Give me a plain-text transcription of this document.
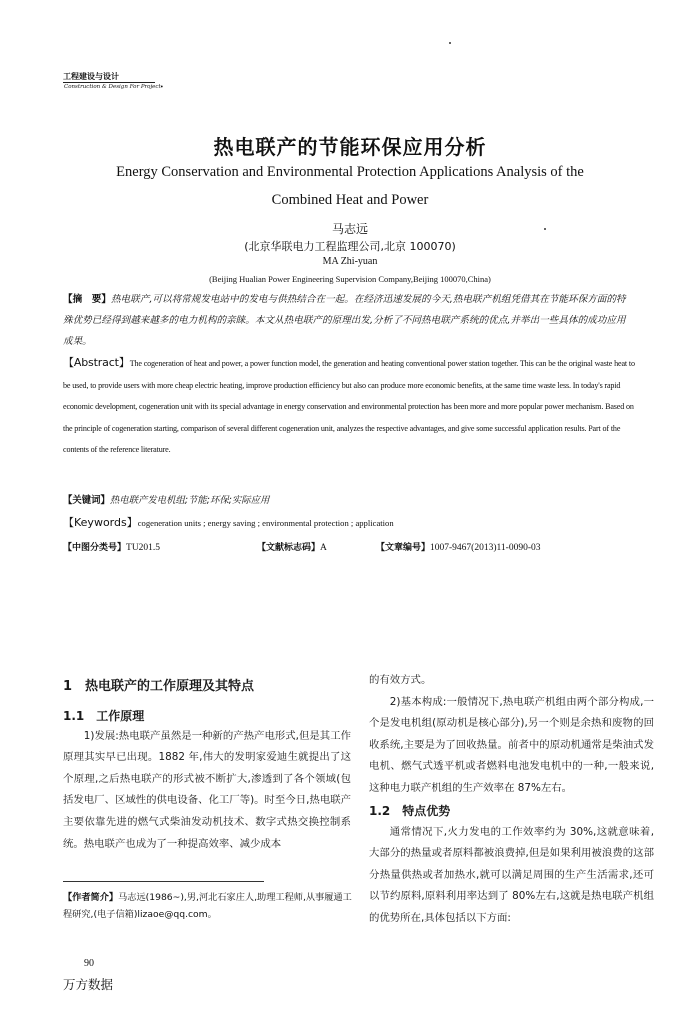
工程建设与设计
Construction & Design For Project •
热电联产的节能环保应用分析
Energy Conservation and Environmental Protection Applications Analysis of the Combined Heat and Power
马志远
(北京华联电力工程监理公司,北京 100070)
MA Zhi-yuan
(Beijing Hualian Power Engineering Supervision Company,Beijing 100070,China)
【摘　要】热电联产,可以将常规发电站中的发电与供热结合在一起。在经济迅速发展的今天,热电联产机组凭借其在节能环保方面的特殊优势已经得到越来越多的电力机构的亲睐。本文从热电联产的原理出发,分析了不同热电联产系统的优点,并举出一些具体的成功应用成果。
【Abstract】The cogeneration of heat and power, a power function model, the generation and heating conventional power station together. This can be the original waste heat to be used, to provide users with more cheap electric heating, improve production efficiency but also can produce more economic benefits, at the same time waste less. In today's rapid economic development, cogeneration unit with its special advantage in energy conservation and environmental protection has been more and more popular power mechanism. Based on the principle of cogeneration starting, comparison of several different cogeneration unit, analyzes the respective advantages, and give some successful application results. Part of the contents of the reference literature.
【关键词】热电联产发电机组;节能;环保;实际应用
【Keywords】cogeneration units ; energy saving ; environmental protection ; application
【中图分类号】TU201.5	【文献标志码】A	【文章编号】1007-9467(2013)11-0090-03
1　热电联产的工作原理及其特点
1.1　工作原理

1)发展:热电联产虽然是一种新的产热产电形式,但是其工作原理其实早已出现。1882 年,伟大的发明家爱迪生就提出了这个原理,之后热电联产的形式被不断扩大,渗透到了各个领域(包括发电厂、区域性的供电设备、化工厂等)。时至今日,热电联产主要依靠先进的燃气式柴油发动机技术、数字式热交换控制系统。热电联产也成为了一种提高效率、减少成本

的有效方式。

2)基本构成:一般情况下,热电联产机组由两个部分构成,一个是发电机组(原动机是核心部分),另一个则是余热和废物的回收系统,主要是为了回收热量。前者中的原动机通常是柴油式发电机、燃气式透平机或者燃料电池发电机中的一种,一般来说,这种电力联产机组的生产效率在 87%左右。

1.2　特点优势

通常情况下,火力发电的工作效率约为 30%,这就意味着,大部分的热量或者原料都被浪费掉,但是如果利用被浪费的这部分热量供热或者加热水,就可以满足周围的生产生活需求,还可以节约原料,原料利用率达到了 80%左右,这就是热电联产机组的优势所在,具体包括以下方面:

【作者简介】马志远(1986~),男,河北石家庄人,助理工程师,从事履通工程研究,(电子信箱)lizaoe@qq.com。
90
万方数据
